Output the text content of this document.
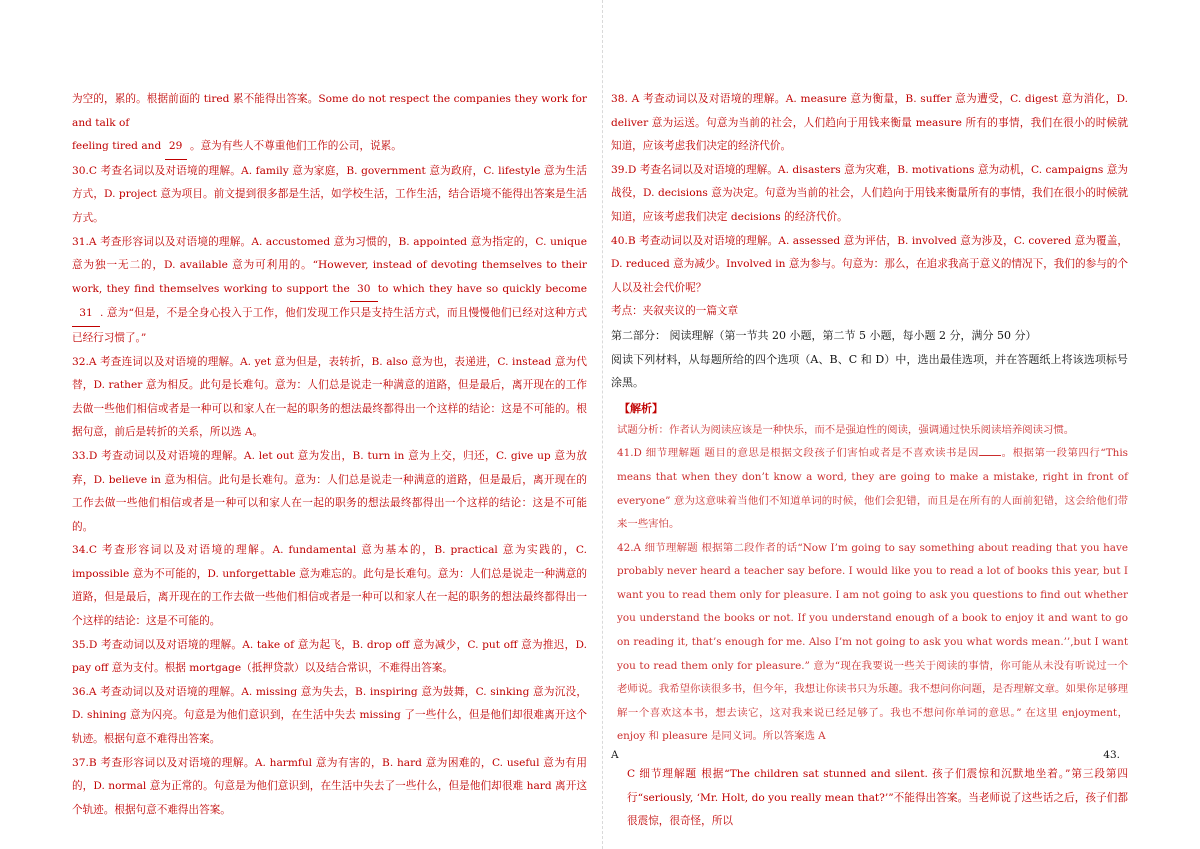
为空的，累的。根据前面的 tired 累不能得出答案。Some do not respect the companies they work for and talk of

feeling tired and 29 。意为有些人不尊重他们工作的公司，说累。

30.C 考查名词以及对语境的理解。A. family 意为家庭，B. government 意为政府，C. lifestyle 意为生活方式，D. project 意为项目。前文提到很多都是生活，如学校生活，工作生活，结合语境不能得出答案是生活方式。

31.A 考查形容词以及对语境的理解。A. accustomed 意为习惯的，B. appointed 意为指定的，C. unique 意为独一无二的，D. available 意为可利用的。“However, instead of devoting themselves to their work, they find themselves working to support the 30 to which they have so quickly become31 . 意为“但是，不是全身心投入于工作，他们发现工作只是支持生活方式，而且慢慢他们已经对这种方式已经行习惯了。”

32.A 考查连词以及对语境的理解。A. yet 意为但是，表转折，B. also 意为也，表递进，C. instead 意为代替，D. rather 意为相反。此句是长难句。意为：人们总是说走一种满意的道路，但是最后，离开现在的工作去做一些他们相信或者是一种可以和家人在一起的职务的想法最终都得出一个这样的结论：这是不可能的。根据句意，前后是转折的关系，所以选 A。

33.D 考查动词以及对语境的理解。A. let out 意为发出，B. turn in 意为上交，归还，C. give up 意为放弃，D. believe in 意为相信。此句是长难句。意为：人们总是说走一种满意的道路，但是最后，离开现在的工作去做一些他们相信或者是一种可以和家人在一起的职务的想法最终都得出一个这样的结论：这是不可能的。

34.C 考查形容词以及对语境的理解。A. fundamental 意为基本的，B. practical 意为实践的，C. impossible 意为不可能的，D. unforgettable 意为难忘的。此句是长难句。意为：人们总是说走一种满意的道路，但是最后，离开现在的工作去做一些他们相信或者是一种可以和家人在一起的职务的想法最终都得出一个这样的结论：这是不可能的。

35.D 考查动词以及对语境的理解。A. take of 意为起飞，B. drop off 意为减少，C. put off 意为推迟，D. pay off 意为支付。根据 mortgage（抵押贷款）以及结合常识，不难得出答案。

36.A 考查动词以及对语境的理解。A. missing 意为失去，B. inspiring 意为鼓舞，C. sinking 意为沉没，D. shining 意为闪亮。句意是为他们意识到，在生活中失去 missing 了一些什么，但是他们却很难离开这个轨迹。根据句意不难得出答案。

37.B 考查形容词以及对语境的理解。A. harmful 意为有害的，B. hard 意为困难的，C. useful 意为有用的，D. normal 意为正常的。句意是为他们意识到，在生活中失去了一些什么，但是他们却很难 hard 离开这个轨迹。根据句意不难得出答案。

38. A 考查动词以及对语境的理解。A. measure 意为衡量，B. suffer 意为遭受，C. digest 意为消化，D. deliver 意为运送。句意为当前的社会，人们趋向于用钱来衡量 measure 所有的事情，我们在很小的时候就知道，应该考虑我们决定的经济代价。

39.D 考查名词以及对语境的理解。A. disasters 意为灾难，B. motivations 意为动机，C. campaigns 意为战役，D. decisions 意为决定。句意为当前的社会，人们趋向于用钱来衡量所有的事情，我们在很小的时候就知道，应该考虑我们决定 decisions 的经济代价。

40.B 考查动词以及对语境的理解。A. assessed 意为评估，B. involved 意为涉及，C. covered 意为覆盖，D. reduced 意为减少。Involved in 意为参与。句意为：那么，在追求我高于意义的情况下，我们的参与的个人以及社会代价呢？

考点：夹叙夹议的一篇文章

第二部分： 阅读理解（第一节共 20 小题，第二节 5 小题，每小题 2 分，满分 50 分）

阅读下列材料，从每题所给的四个选项（A、B、C 和 D）中，选出最佳选项，并在答题纸上将该选项标号涂黑。

【解析】

试题分析：作者认为阅读应该是一种快乐，而不是强迫性的阅读，强调通过快乐阅读培养阅读习惯。

41.D 细节理解题 题目的意思是根据文段孩子们害怕或者是不喜欢读书是因 。根据第一段第四行“This means that when they don’t know a word, they are going to make a mistake, right in front of everyone” 意为这意味着当他们不知道单词的时候，他们会犯错，而且是在所有的人面前犯错，这会给他们带来一些害怕。

42.A 细节理解题 根据第二段作者的话“Now I’m going to say something about reading that you have probably never heard a teacher say before. I would like you to read a lot of books this year, but I want you to read them only for pleasure. I am not going to ask you questions to find out whether you understand the books or not. If you understand enough of a book to enjoy it and want to go on reading it, that’s enough for me. Also I’m not going to ask you what words mean.’’,but I want you to read them only for pleasure.” 意为“现在我要说一些关于阅读的事情，你可能从未没有听说过一个老师说。我希望你读很多书，但今年，我想让你读书只为乐趣。我不想问你问题，是否理解文章。如果你足够理解一个喜欢这本书，想去读它，这对我来说已经足够了。我也不想问你单词的意思。” 在这里 enjoyment，enjoy 和 pleasure 是同义词。所以答案选 A

A	43.

C 细节理解题 根据“The children sat stunned and silent. 孩子们震惊和沉默地坐着。”第三段第四行“seriously, ‘Mr. Holt, do you really mean that?’”不能得出答案。当老师说了这些话之后，孩子们都很震惊，很奇怪，所以
